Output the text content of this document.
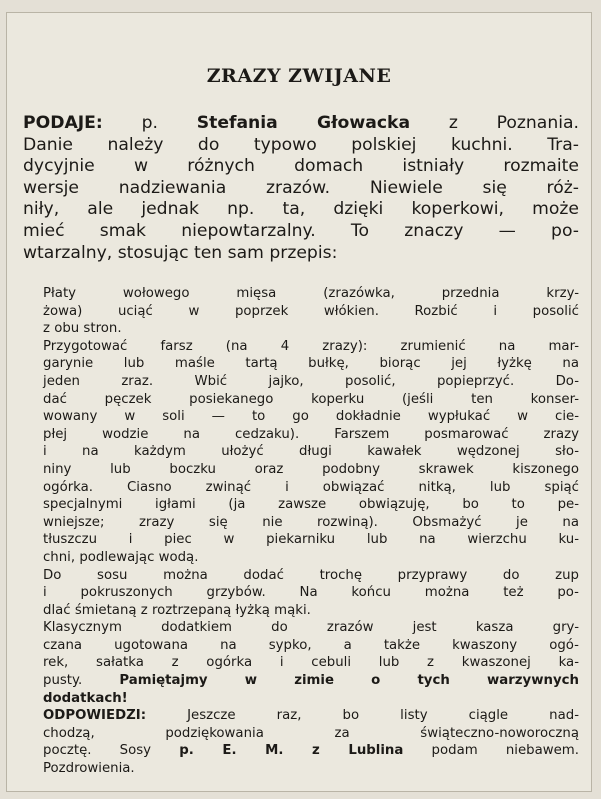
ZRAZY ZWIJANE
PODAJE: p. Stefania Głowacka z Poznania.
Danie należy do typowo polskiej kuchni. Tra-
dycyjnie w różnych domach istniały rozmaite
wersje nadziewania zrazów. Niewiele się róż-
niły, ale jednak np. ta, dzięki koperkowi, może
mieć smak niepowtarzalny. To znaczy — po-
wtarzalny, stosując ten sam przepis:

Płaty wołowego mięsa (zrazówka, przednia krzy-
żowa) uciąć w poprzek włókien. Rozbić i posolić
z obu stron.

Przygotować farsz (na 4 zrazy): zrumienić na mar-
garynie lub maśle tartą bułkę, biorąc jej łyżkę na
jeden zraz. Wbić jajko, posolić, popieprzyć. Do-
dać pęczek posiekanego koperku (jeśli ten konser-
wowany w soli — to go dokładnie wypłukać w cie-
płej wodzie na cedzaku). Farszem posmarować zrazy
i na każdym ułożyć długi kawałek wędzonej sło-
niny lub boczku oraz podobny skrawek kiszonego
ogórka. Ciasno zwinąć i obwiązać nitką, lub spiąć
specjalnymi igłami (ja zawsze obwiązuję, bo to pe-
wniejsze; zrazy się nie rozwiną). Obsmażyć je na
tłuszczu i piec w piekarniku lub na wierzchu ku-
chni, podlewając wodą.

Do sosu można dodać trochę przyprawy do zup
i pokruszonych grzybów. Na końcu można też po-
dlać śmietaną z roztrzepaną łyżką mąki.

Klasycznym dodatkiem do zrazów jest kasza gry-
czana ugotowana na sypko, a także kwaszony ogó-
rek, sałatka z ogórka i cebuli lub z kwaszonej ka-
pusty. Pamiętajmy w zimie o tych warzywnych
dodatkach!

ODPOWIEDZI: Jeszcze raz, bo listy ciągle nad-
chodzą, podziękowania za świąteczno-noworoczną
pocztę. Sosy p. E. M. z Lublina podam niebawem.
Pozdrowienia.
